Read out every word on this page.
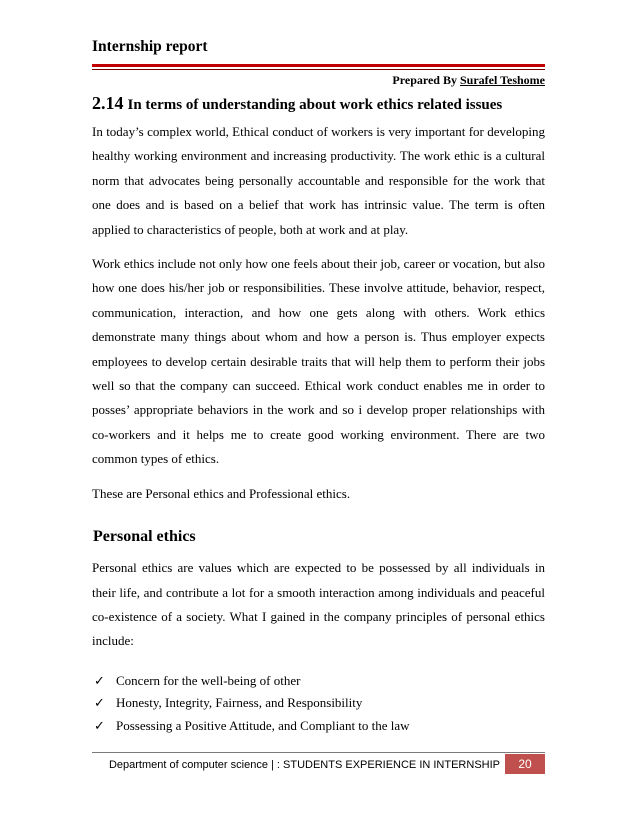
Internship report
Prepared By Surafel Teshome
2.14 In terms of understanding about work ethics related issues

In today’s complex world, Ethical conduct of workers is very important for developing healthy working environment and increasing productivity. The work ethic is a cultural norm that advocates being personally accountable and responsible for the work that one does and is based on a belief that work has intrinsic value. The term is often applied to characteristics of people, both at work and at play.

Work ethics include not only how one feels about their job, career or vocation, but also how one does his/her job or responsibilities. These involve attitude, behavior, respect, communication, interaction, and how one gets along with others. Work ethics demonstrate many things about whom and how a person is. Thus employer expects employees to develop certain desirable traits that will help them to perform their jobs well so that the company can succeed. Ethical work conduct enables me in order to posses’ appropriate behaviors in the work and so i develop proper relationships with co-workers and it helps me to create good working environment. There are two common types of ethics.

These are Personal ethics and Professional ethics.

Personal ethics

Personal ethics are values which are expected to be possessed by all individuals in their life, and contribute a lot for a smooth interaction among individuals and peaceful co-existence of a society. What I gained in the company principles of personal ethics include:

✓ Concern for the well-being of other
✓ Honesty, Integrity, Fairness, and Responsibility
✓ Possessing a Positive Attitude, and Compliant to the law
Department of computer science | : STUDENTS EXPERIENCE IN INTERNSHIP	20
